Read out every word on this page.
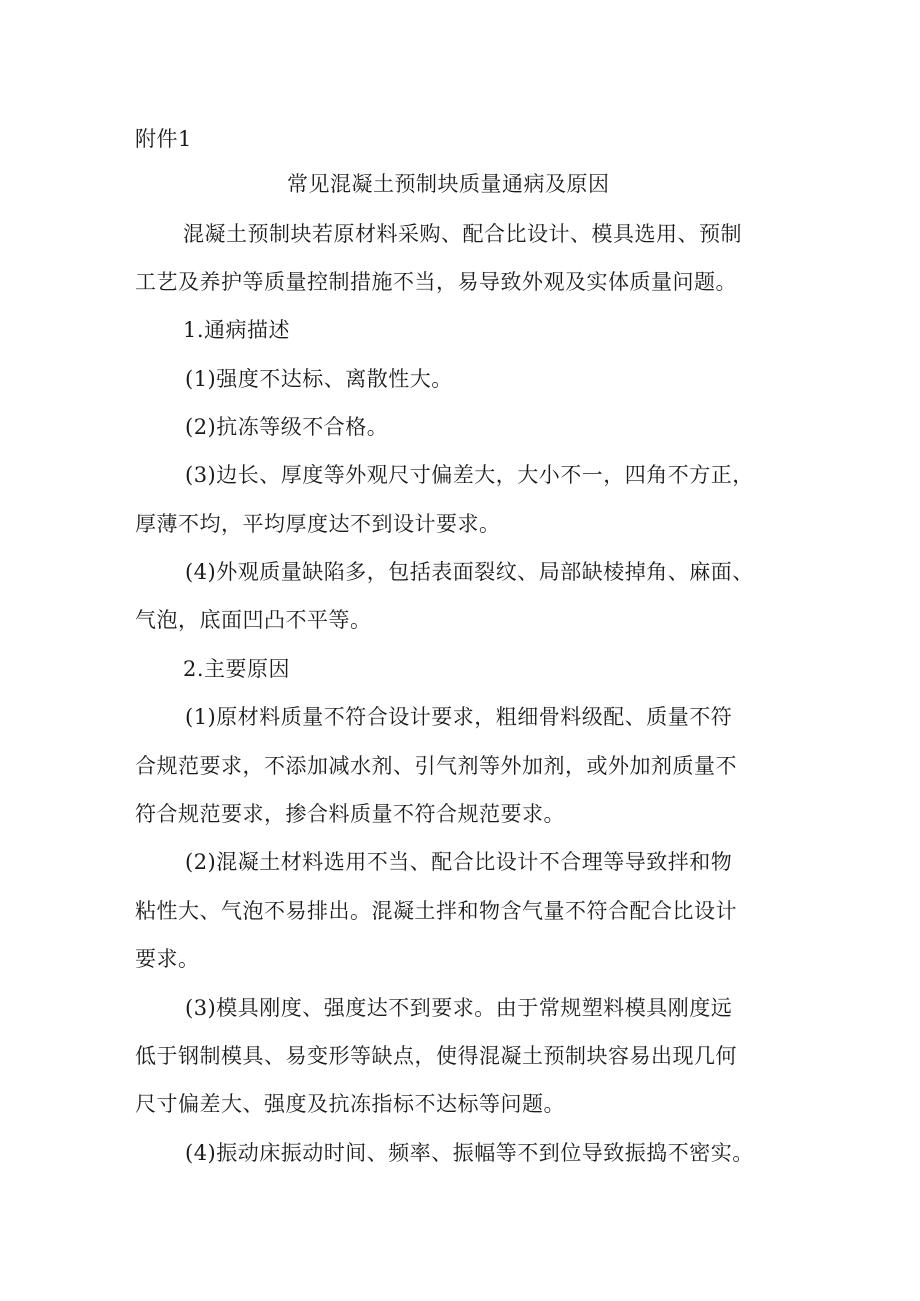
附件1
常见混凝土预制块质量通病及原因
混凝土预制块若原材料采购、配合比设计、模具选用、预制
工艺及养护等质量控制措施不当，易导致外观及实体质量问题。
1.通病描述
(1)强度不达标、离散性大。
(2)抗冻等级不合格。
(3)边长、厚度等外观尺寸偏差大，大小不一，四角不方正，
厚薄不均，平均厚度达不到设计要求。
(4)外观质量缺陷多，包括表面裂纹、局部缺棱掉角、麻面、
气泡，底面凹凸不平等。
2.主要原因
(1)原材料质量不符合设计要求，粗细骨料级配、质量不符
合规范要求，不添加减水剂、引气剂等外加剂，或外加剂质量不
符合规范要求，掺合料质量不符合规范要求。
(2)混凝土材料选用不当、配合比设计不合理等导致拌和物
粘性大、气泡不易排出。混凝土拌和物含气量不符合配合比设计
要求。
(3)模具刚度、强度达不到要求。由于常规塑料模具刚度远
低于钢制模具、易变形等缺点，使得混凝土预制块容易出现几何
尺寸偏差大、强度及抗冻指标不达标等问题。
(4)振动床振动时间、频率、振幅等不到位导致振捣不密实。
